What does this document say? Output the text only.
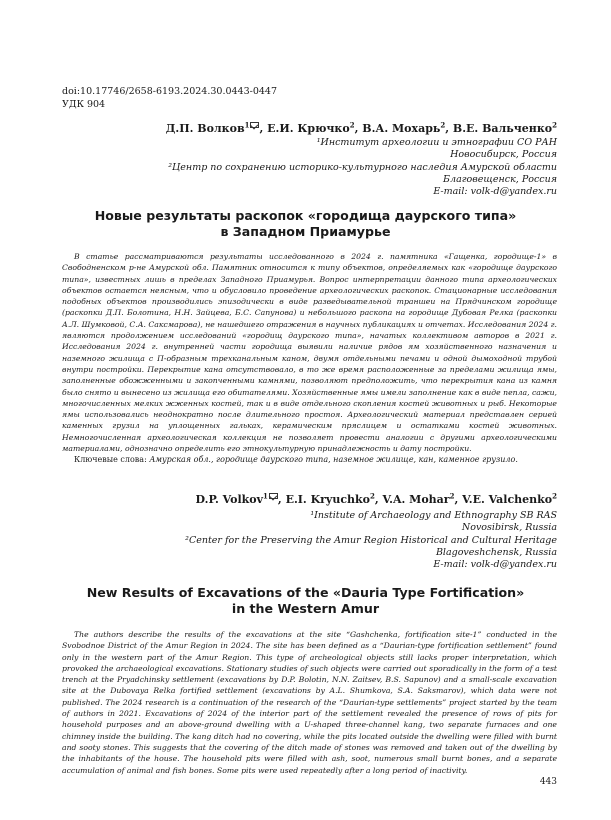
doi:10.17746/2658-6193.2024.30.0443-0447
УДК 904
Д.П. Волков$^1$ , Е.И. Крючко$^2$, В.А. Мохарь$^2$, В.Е. Вальченко$^2$

¹Институт археологии и этнографии СО РАН

Новосибирск, Россия

²Центр по сохранению историко-культурного наследия Амурской области

Благовещенск, Россия

E-mail: volk-d@yandex.ru

Новые результаты раскопок «городища даурского типа»
в Западном Приамурье

В статье рассматриваются результаты исследованного в 2024 г. памятника «Гащенка, городище-1» в Свободненском р-не Амурской обл. Памятник относится к типу объектов, определяемых как «городище даурского типа», известных лишь в пределах Западного Приамурья. Вопрос интерпретации данного типа археологических объектов остается неясным, что и обусловило проведение археологических раскопок. Стационарные исследования подобных объектов производились эпизодически в виде разведывательной траншеи на Прядчинском городище (раскопки Д.П. Болотина, Н.Н. Зайцева, Б.С. Сапунова) и небольшого раскопа на городище Дубовая Релка (раскопки А.Л. Шумковой, С.А. Саксмарова), не нашедшего отражения в научных публикациях и отчетах. Исследования 2024 г. являются продолжением исследований «городищ даурского типа», начатых коллективом авторов в 2021 г. Исследования 2024 г. внутренней части городища выявили наличие рядов ям хозяйственного назначения и наземного жилища с П-образным трехканальным каном, двумя отдельными печами и одной дымоходной трубой внутри постройки. Перекрытие кана отсутствовало, в то же время расположенные за пределами жилища ямы, заполненные обожженными и закопченными камнями, позволяют предположить, что перекрытия кана из камня было снято и вынесено из жилища его обитателями. Хозяйственные ямы имели заполнение как в виде пепла, сажи, многочисленных мелких жженных костей, так и в виде отдельного скопления костей животных и рыб. Некоторые ямы использовались неоднократно после длительного простоя. Археологический материал представлен серией каменных грузил на уплощенных гальках, керамическим пряслицем и остатками костей животных. Немногочисленная археологическая коллекция не позволяет провести аналогии с другими археологическими материалами, однозначно определить его этнокультурную принадлежность и дату постройки.

Ключевые слова: Амурская обл., городище даурского типа, наземное жилище, кан, каменное грузило.
D.P. Volkov$^1$ , E.I. Kryuchko$^2$, V.A. Mohar$^2$, V.E. Valchenko$^2$

¹Institute of Archaeology and Ethnography SB RAS

Novosibirsk, Russia

²Center for the Preserving the Amur Region Historical and Cultural Heritage

Blagoveshchensk, Russia

E-mail: volk-d@yandex.ru

New Results of Excavations of the «Dauria Type Fortification»
in the Western Amur

The authors describe the results of the excavations at the site “Gashchenka, fortification site-1” conducted in the Svobodnoe District of the Amur Region in 2024. The site has been defined as a “Daurian-type fortification settlement” found only in the western part of the Amur Region. This type of archeological objects still lacks proper interpretation, which provoked the archaeological excavations. Stationary studies of such objects were carried out sporadically in the form of a test trench at the Pryadchinsky settlement (excavations by D.P. Bolotin, N.N. Zaitsev, B.S. Sapunov) and a small-scale excavation site at the Dubovaya Relka fortified settlement (excavations by A.L. Shumkova, S.A. Saksmarov), which data were not published. The 2024 research is a continuation of the research of the “Daurian-type settlements” project started by the team of authors in 2021. Excavations of 2024 of the interior part of the settlement revealed the presence of rows of pits for household purposes and an above-ground dwelling with a U-shaped three-channel kang, two separate furnaces and one chimney inside the building. The kang ditch had no covering, while the pits located outside the dwelling were filled with burnt and sooty stones. This suggests that the covering of the ditch made of stones was removed and taken out of the dwelling by the inhabitants of the house. The household pits were filled with ash, soot, numerous small burnt bones, and a separate accumulation of animal and fish bones. Some pits were used repeatedly after a long period of inactivity.

443
